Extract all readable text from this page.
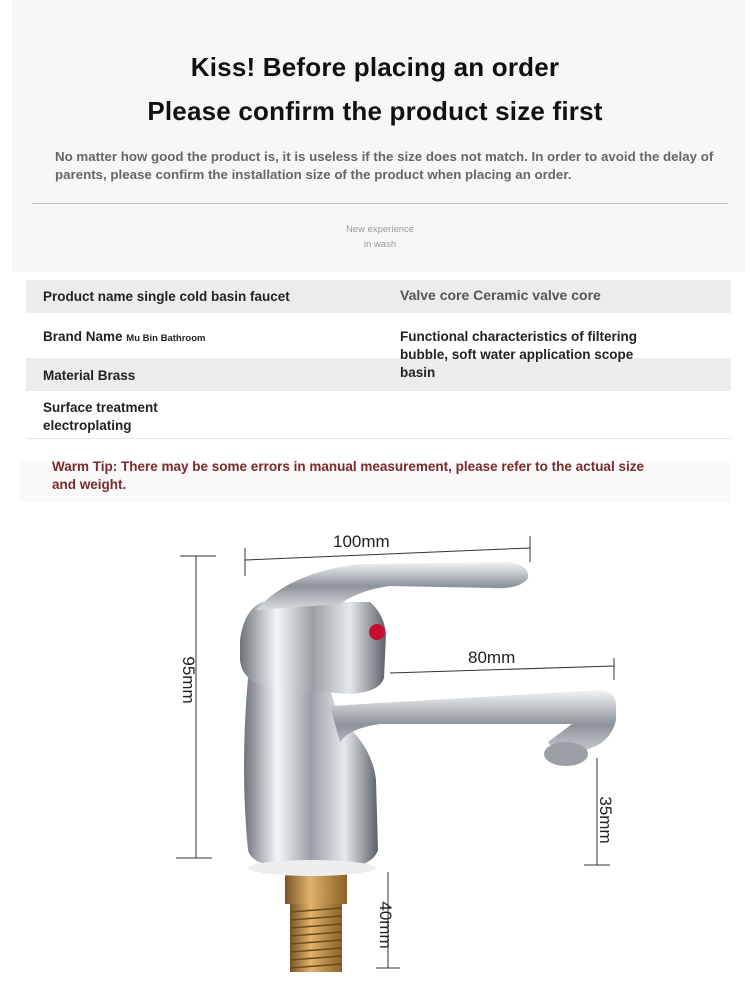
Kiss! Before placing an order
Please confirm the product size first
No matter how good the product is, it is useless if the size does not match. In order to avoid the delay of parents, please confirm the installation size of the product when placing an order.
New experience
in wash
Product name single cold basin faucet	Valve core Ceramic valve core
Brand Name Mu Bin Bathroom	Functional characteristics of filtering bubble, soft water application scope basin
Material Brass
Surface treatment electroplating
Warm Tip: There may be some errors in manual measurement, please refer to the actual size and weight.
100mm
80mm
95mm
35mm
40mm
